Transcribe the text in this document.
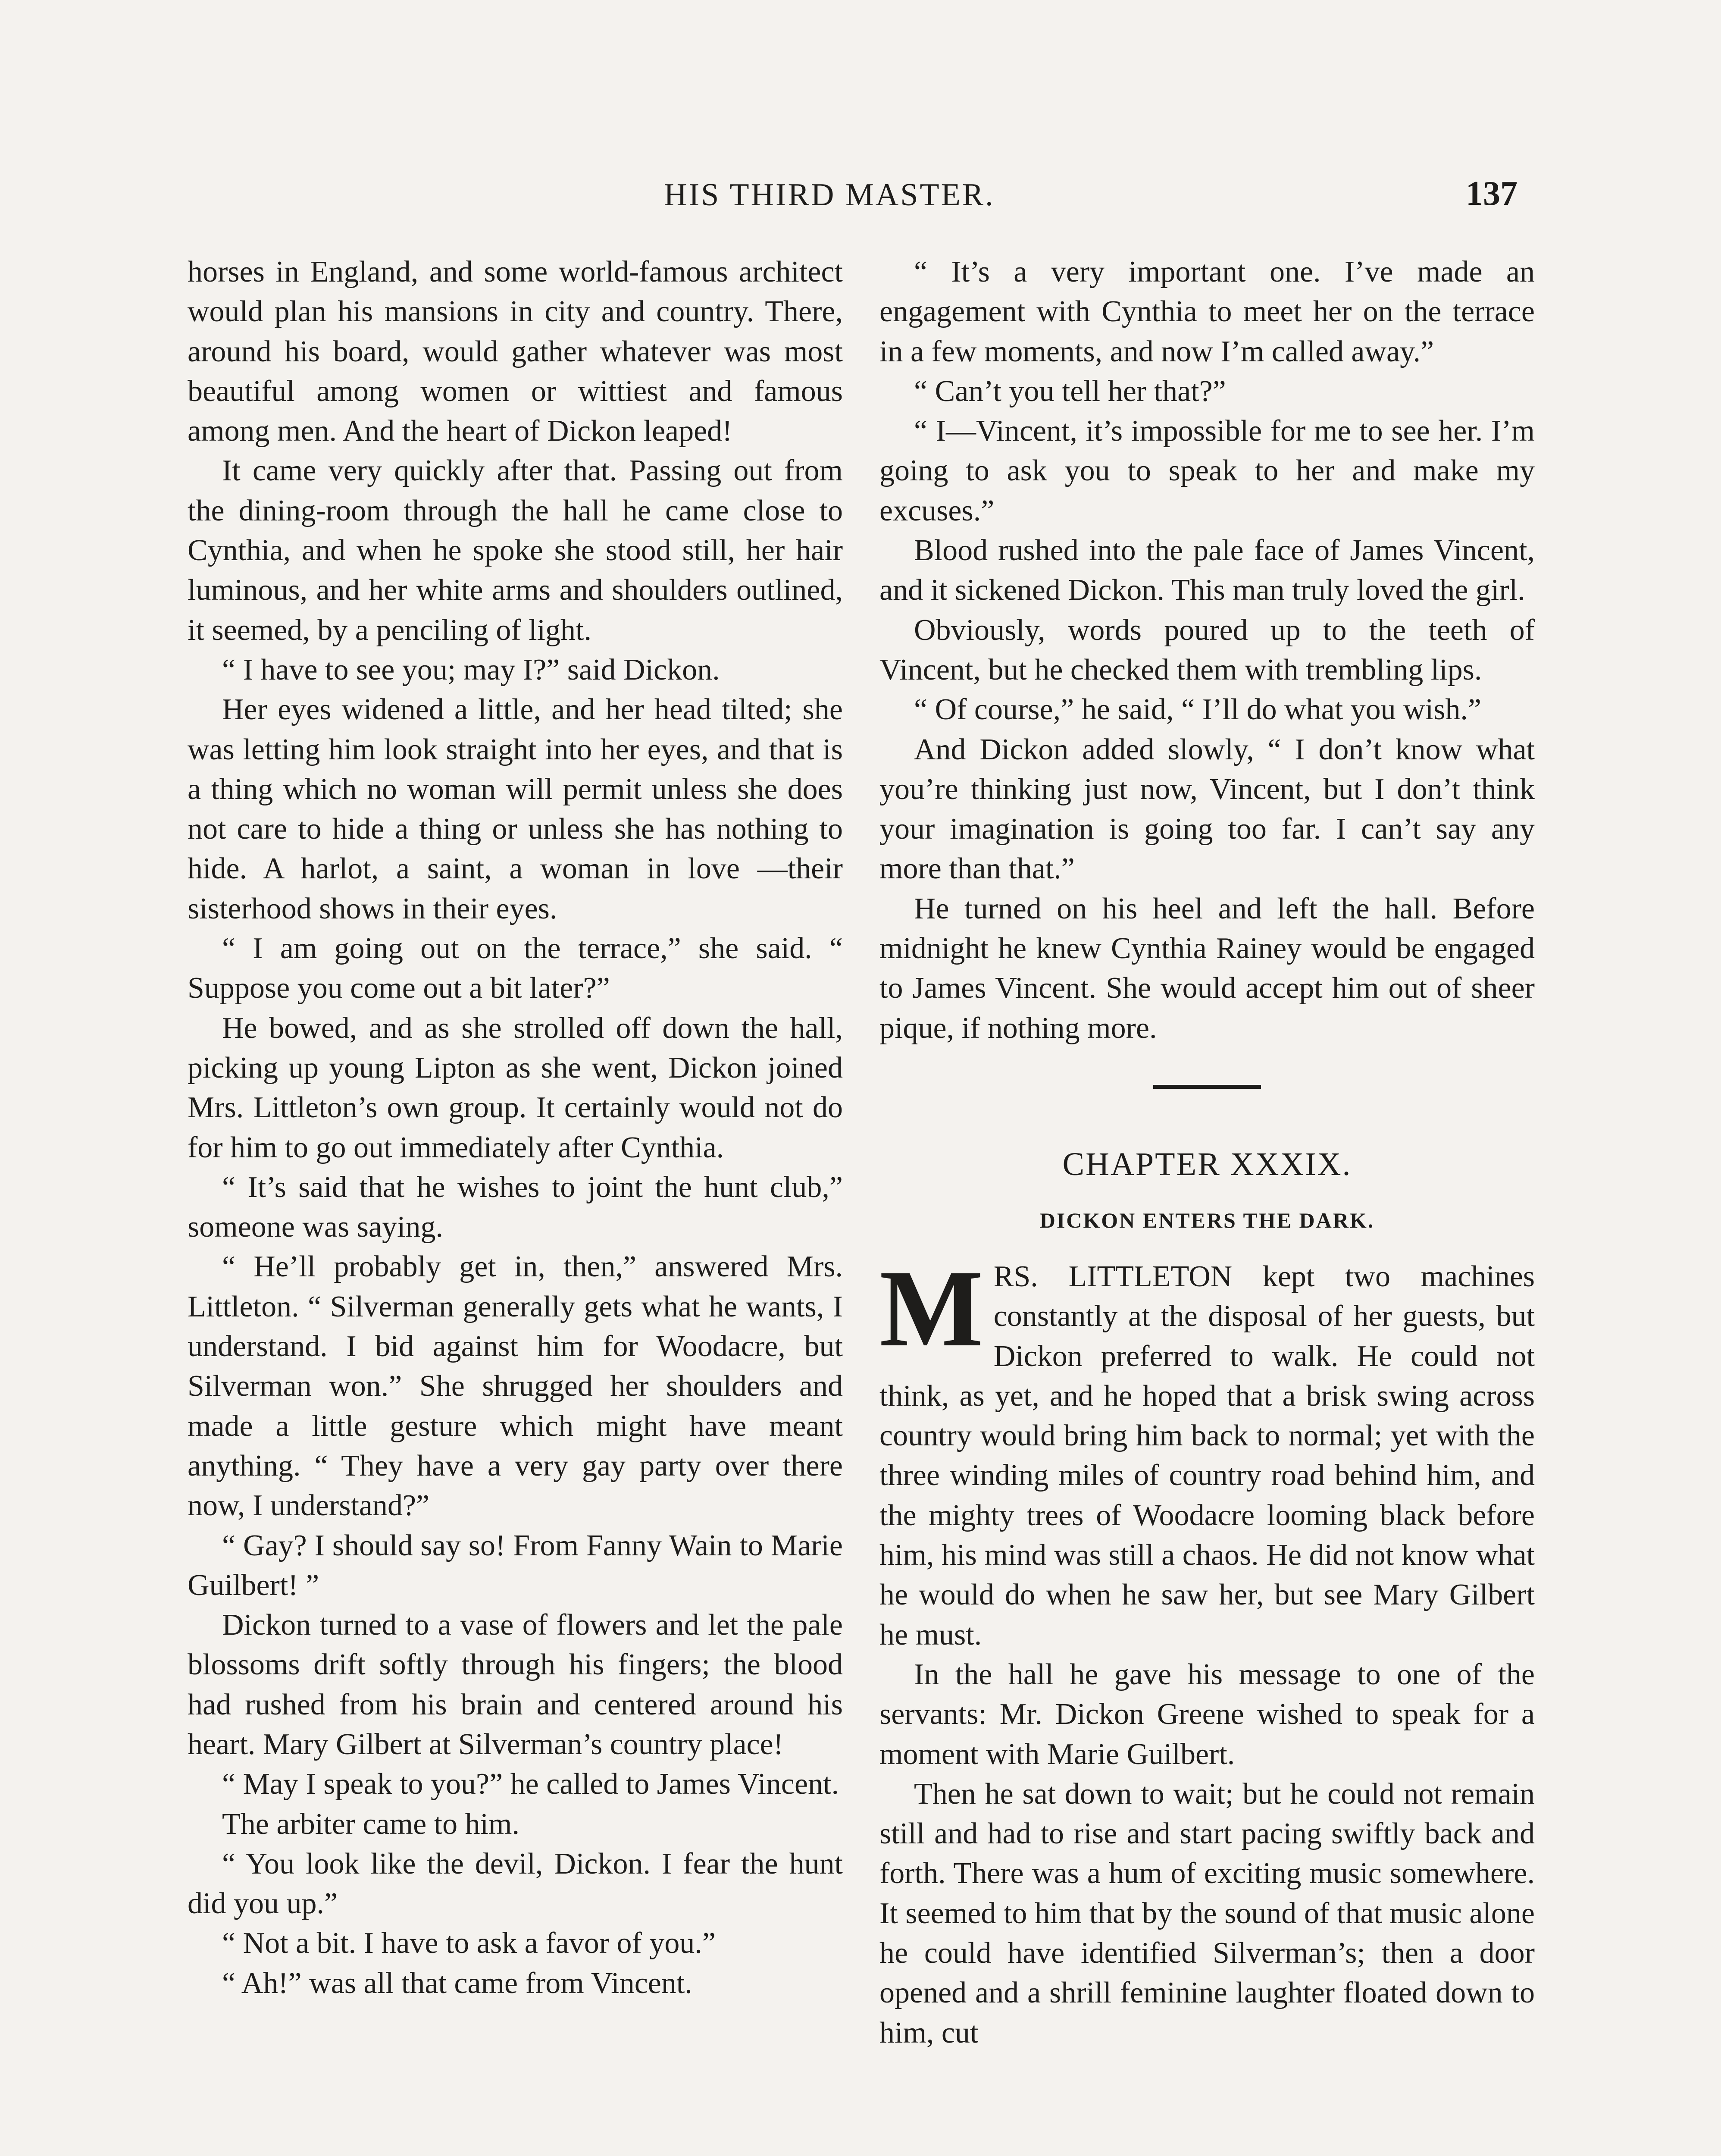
HIS THIRD MASTER.	137

horses in England, and some world-famous architect would plan his mansions in city and country. There, around his board, would gather whatever was most beautiful among women or wittiest and famous among men. And the heart of Dickon leaped!

It came very quickly after that. Passing out from the dining-room through the hall he came close to Cynthia, and when he spoke she stood still, her hair luminous, and her white arms and shoulders outlined, it seemed, by a penciling of light.

“ I have to see you; may I?” said Dickon.

Her eyes widened a little, and her head tilted; she was letting him look straight into her eyes, and that is a thing which no woman will permit unless she does not care to hide a thing or unless she has nothing to hide. A harlot, a saint, a woman in love —their sisterhood shows in their eyes.

“ I am going out on the terrace,” she said. “ Suppose you come out a bit later?”

He bowed, and as she strolled off down the hall, picking up young Lipton as she went, Dickon joined Mrs. Littleton’s own group. It certainly would not do for him to go out immediately after Cynthia.

“ It’s said that he wishes to joint the hunt club,” someone was saying.

“ He’ll probably get in, then,” answered Mrs. Littleton. “ Silverman generally gets what he wants, I understand. I bid against him for Woodacre, but Silverman won.” She shrugged her shoulders and made a little gesture which might have meant anything. “ They have a very gay party over there now, I understand?”

“ Gay? I should say so! From Fanny Wain to Marie Guilbert! ”

Dickon turned to a vase of flowers and let the pale blossoms drift softly through his fingers; the blood had rushed from his brain and centered around his heart. Mary Gilbert at Silverman’s country place!

“ May I speak to you?” he called to James Vincent.

The arbiter came to him.

“ You look like the devil, Dickon. I fear the hunt did you up.”

“ Not a bit. I have to ask a favor of you.”

“ Ah!” was all that came from Vincent.

“ It’s a very important one. I’ve made an engagement with Cynthia to meet her on the terrace in a few moments, and now I’m called away.”

“ Can’t you tell her that?”

“ I—Vincent, it’s impossible for me to see her. I’m going to ask you to speak to her and make my excuses.”

Blood rushed into the pale face of James Vincent, and it sickened Dickon. This man truly loved the girl.

Obviously, words poured up to the teeth of Vincent, but he checked them with trembling lips.

“ Of course,” he said, “ I’ll do what you wish.”

And Dickon added slowly, “ I don’t know what you’re thinking just now, Vincent, but I don’t think your imagination is going too far. I can’t say any more than that.”

He turned on his heel and left the hall. Before midnight he knew Cynthia Rainey would be engaged to James Vincent. She would accept him out of sheer pique, if nothing more.

CHAPTER XXXIX.
DICKON ENTERS THE DARK.

MRS. LITTLETON kept two machines constantly at the disposal of her guests, but Dickon preferred to walk. He could not think, as yet, and he hoped that a brisk swing across country would bring him back to normal; yet with the three winding miles of country road behind him, and the mighty trees of Woodacre looming black before him, his mind was still a chaos. He did not know what he would do when he saw her, but see Mary Gilbert he must.

In the hall he gave his message to one of the servants: Mr. Dickon Greene wished to speak for a moment with Marie Guilbert.

Then he sat down to wait; but he could not remain still and had to rise and start pacing swiftly back and forth. There was a hum of exciting music somewhere. It seemed to him that by the sound of that music alone he could have identified Silverman’s; then a door opened and a shrill feminine laughter floated down to him, cut
